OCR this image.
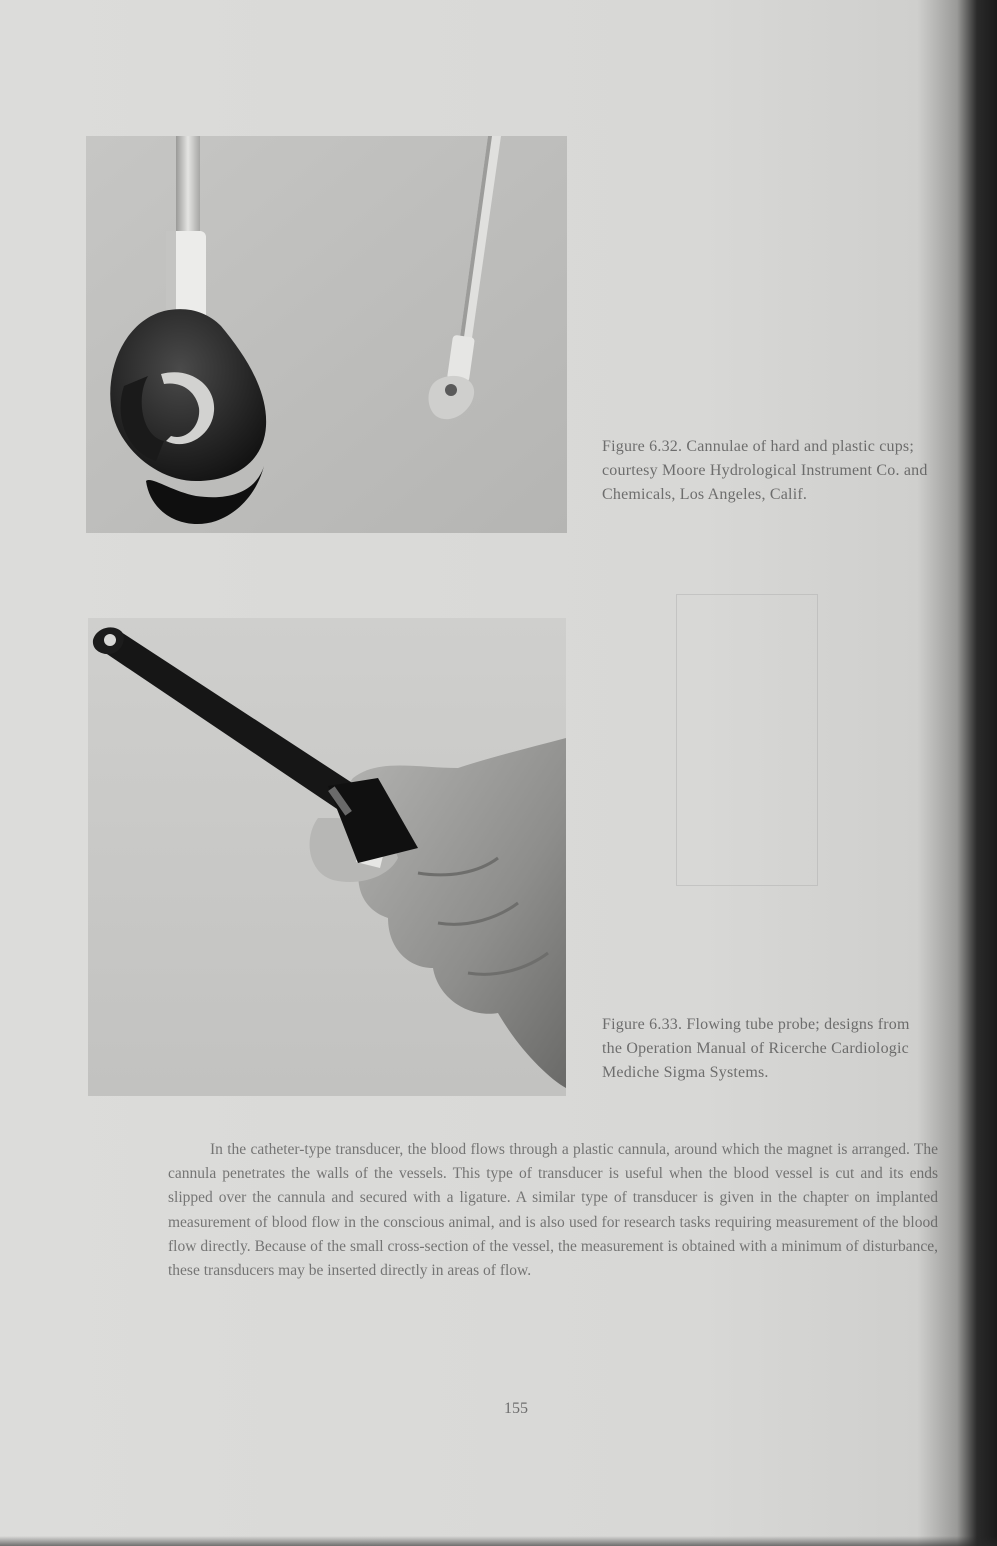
Figure 6.32. Cannulae of hard and plastic cups; courtesy Moore Hydrological Instrument Co. and Chemicals, Los Angeles, Calif.
Figure 6.33. Flowing tube probe; designs from the Operation Manual of Ricerche Cardiologic Mediche Sigma Systems.

In the catheter-type transducer, the blood flows through a plastic cannula, around which the magnet is arranged. The cannula penetrates the walls of the vessels. This type of transducer is useful when the blood vessel is cut and its ends slipped over the cannula and secured with a ligature. A similar type of transducer is given in the chapter on implanted measurement of blood flow in the conscious animal, and is also used for research tasks requiring measurement of the blood flow directly. Because of the small cross-section of the vessel, the measurement is obtained with a minimum of disturbance, these transducers may be inserted directly in areas of flow.

155
